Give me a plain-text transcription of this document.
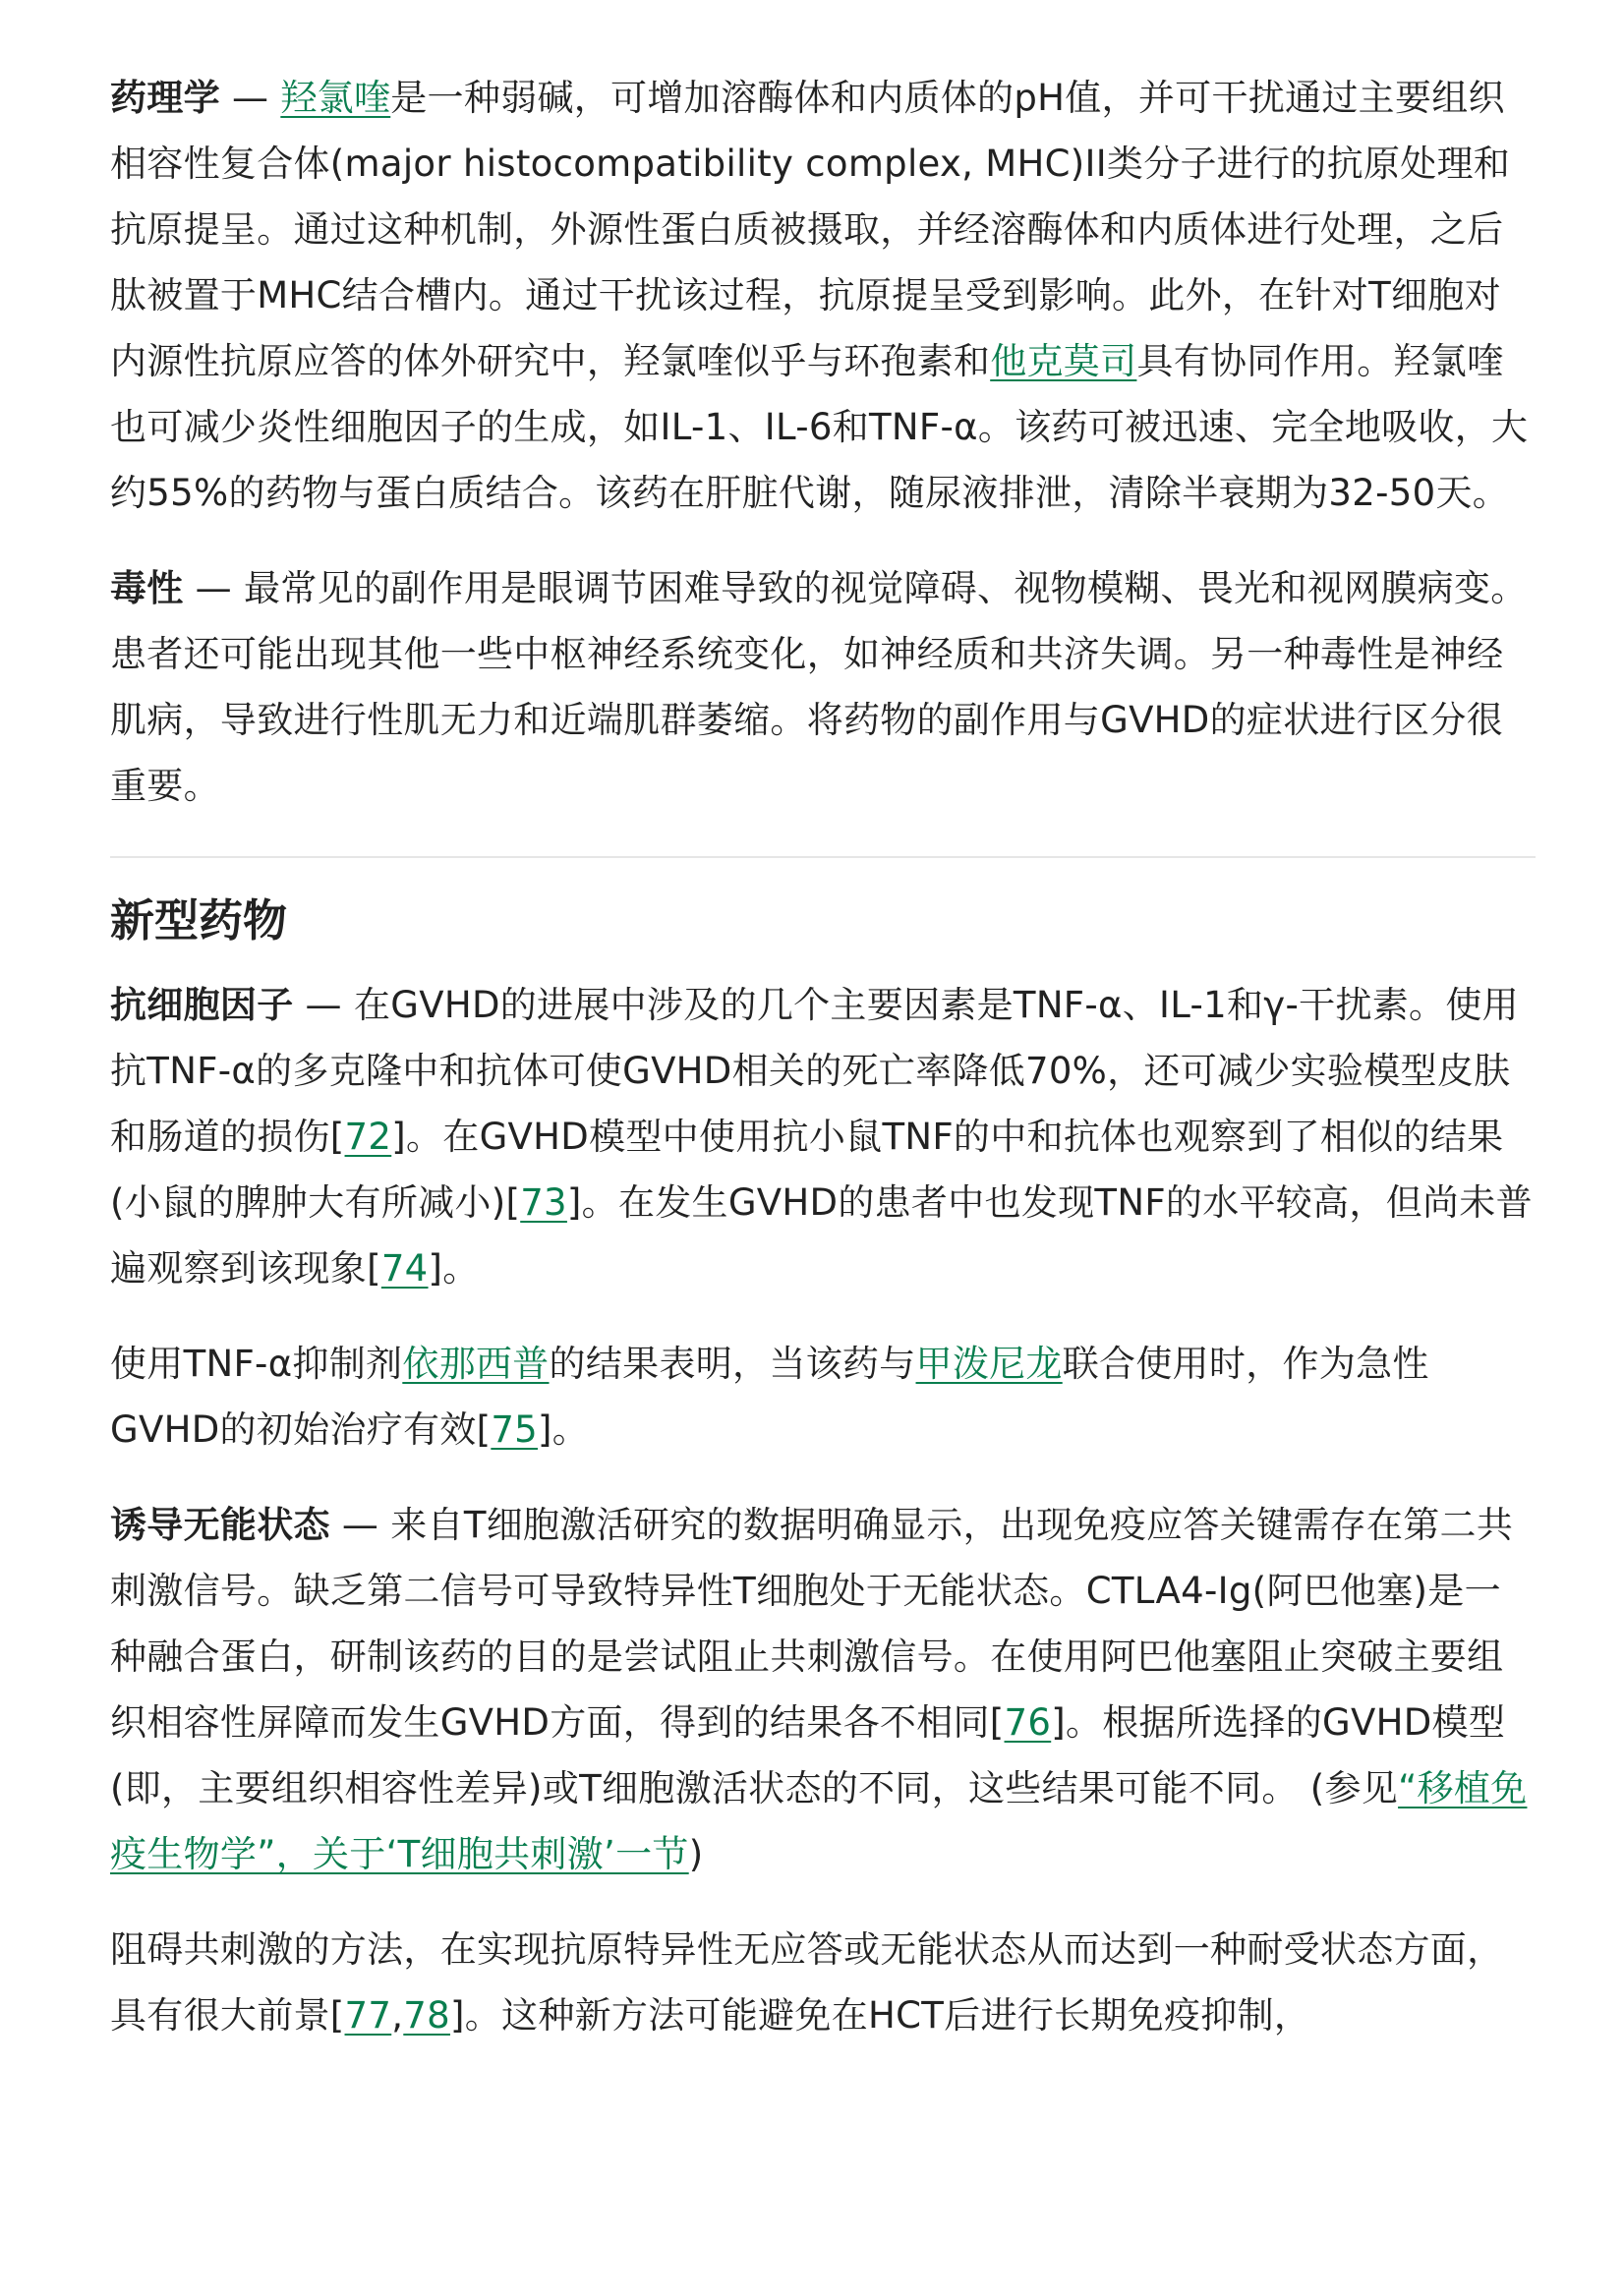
药理学 — 羟氯喹是一种弱碱，可增加溶酶体和内质体的pH值，并可干扰通过主要组织相容性复合体(major histocompatibility complex, MHC)II类分子进行的抗原处理和抗原提呈。通过这种机制，外源性蛋白质被摄取，并经溶酶体和内质体进行处理，之后肽被置于MHC结合槽内。通过干扰该过程，抗原提呈受到影响。此外，在针对T细胞对内源性抗原应答的体外研究中，羟氯喹似乎与环孢素和他克莫司具有协同作用。羟氯喹也可减少炎性细胞因子的生成，如IL-1、IL-6和TNF-α。该药可被迅速、完全地吸收，大约55%的药物与蛋白质结合。该药在肝脏代谢，随尿液排泄，清除半衰期为32-50天。

毒性 — 最常见的副作用是眼调节困难导致的视觉障碍、视物模糊、畏光和视网膜病变。患者还可能出现其他一些中枢神经系统变化，如神经质和共济失调。另一种毒性是神经肌病，导致进行性肌无力和近端肌群萎缩。将药物的副作用与GVHD的症状进行区分很重要。

新型药物

抗细胞因子 — 在GVHD的进展中涉及的几个主要因素是TNF-α、IL-1和γ-干扰素。使用抗TNF-α的多克隆中和抗体可使GVHD相关的死亡率降低70%，还可减少实验模型皮肤和肠道的损伤[72]。在GVHD模型中使用抗小鼠TNF的中和抗体也观察到了相似的结果(小鼠的脾肿大有所减小)[73]。在发生GVHD的患者中也发现TNF的水平较高，但尚未普遍观察到该现象[74]。

使用TNF-α抑制剂依那西普的结果表明，当该药与甲泼尼龙联合使用时，作为急性GVHD的初始治疗有效[75]。

诱导无能状态 — 来自T细胞激活研究的数据明确显示，出现免疫应答关键需存在第二共刺激信号。缺乏第二信号可导致特异性T细胞处于无能状态。CTLA4-Ig(阿巴他塞)是一种融合蛋白，研制该药的目的是尝试阻止共刺激信号。在使用阿巴他塞阻止突破主要组织相容性屏障而发生GVHD方面，得到的结果各不相同[76]。根据所选择的GVHD模型(即，主要组织相容性差异)或T细胞激活状态的不同，这些结果可能不同。 (参见“移植免疫生物学”，关于‘T细胞共刺激’一节)

阻碍共刺激的方法，在实现抗原特异性无应答或无能状态从而达到一种耐受状态方面，具有很大前景[77,78]。这种新方法可能避免在HCT后进行长期免疫抑制，
